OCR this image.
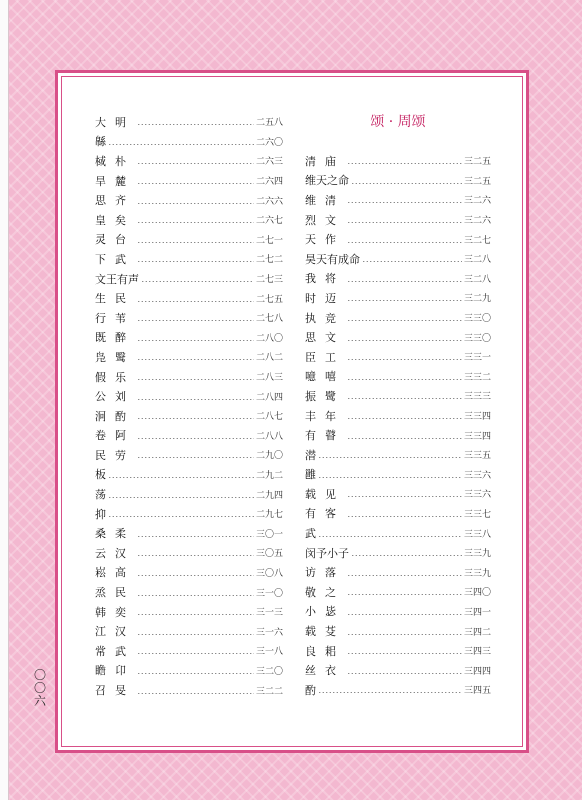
颂 · 周颂
大明	二五八
緜	二六〇
棫朴	二六三
旱麓	二六四
思齐	二六六
皇矣	二六七
灵台	二七一
下武	二七二
文王有声	二七三
生民	二七五
行苇	二七八
既醉	二八〇
凫鹥	二八二
假乐	二八三
公刘	二八四
泂酌	二八七
卷阿	二八八
民劳	二九〇
板	二九二
荡	二九四
抑	二九七
桑柔	三〇一
云汉	三〇五
崧高	三〇八
烝民	三一〇
韩奕	三一三
江汉	三一六
常武	三一八
瞻卬	三二〇
召旻	三二二
清庙	三二五
维天之命	三二五
维清	三二六
烈文	三二六
天作	三二七
昊天有成命	三二八
我将	三二八
时迈	三二九
执竞	三三〇
思文	三三〇
臣工	三三一
噫嘻	三三二
振鹭	三三三
丰年	三三四
有瞽	三三四
潜	三三五
雝	三三六
载见	三三六
有客	三三七
武	三三八
闵予小子	三三九
访落	三三九
敬之	三四〇
小毖	三四一
载芟	三四二
良耜	三四三
丝衣	三四四
酌	三四五
〇
〇
六
